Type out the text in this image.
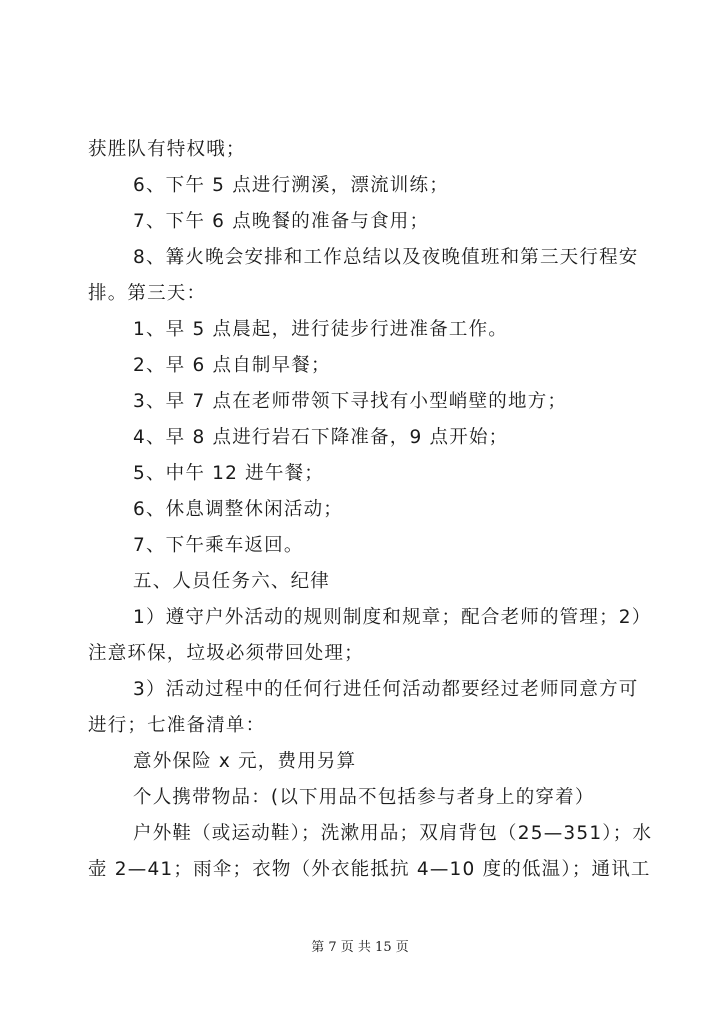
获胜队有特权哦；
6、下午 5 点进行溯溪，漂流训练；
7、下午 6 点晚餐的准备与食用；
8、篝火晚会安排和工作总结以及夜晚值班和第三天行程安
排。第三天：
1、早 5 点晨起，进行徒步行进准备工作。
2、早 6 点自制早餐；
3、早 7 点在老师带领下寻找有小型峭壁的地方；
4、早 8 点进行岩石下降准备，9 点开始；
5、中午 12 进午餐；
6、休息调整休闲活动；
7、下午乘车返回。
五、人员任务六、纪律
1）遵守户外活动的规则制度和规章；配合老师的管理；2）
注意环保，垃圾必须带回处理；
3）活动过程中的任何行进任何活动都要经过老师同意方可
进行；七准备清单：
意外保险 x 元，费用另算
个人携带物品：(以下用品不包括参与者身上的穿着）
户外鞋（或运动鞋）；洗漱用品；双肩背包（25—351）；水
壶 2—41；雨伞；衣物（外衣能抵抗 4—10 度的低温）；通讯工
第 7 页 共 15 页
